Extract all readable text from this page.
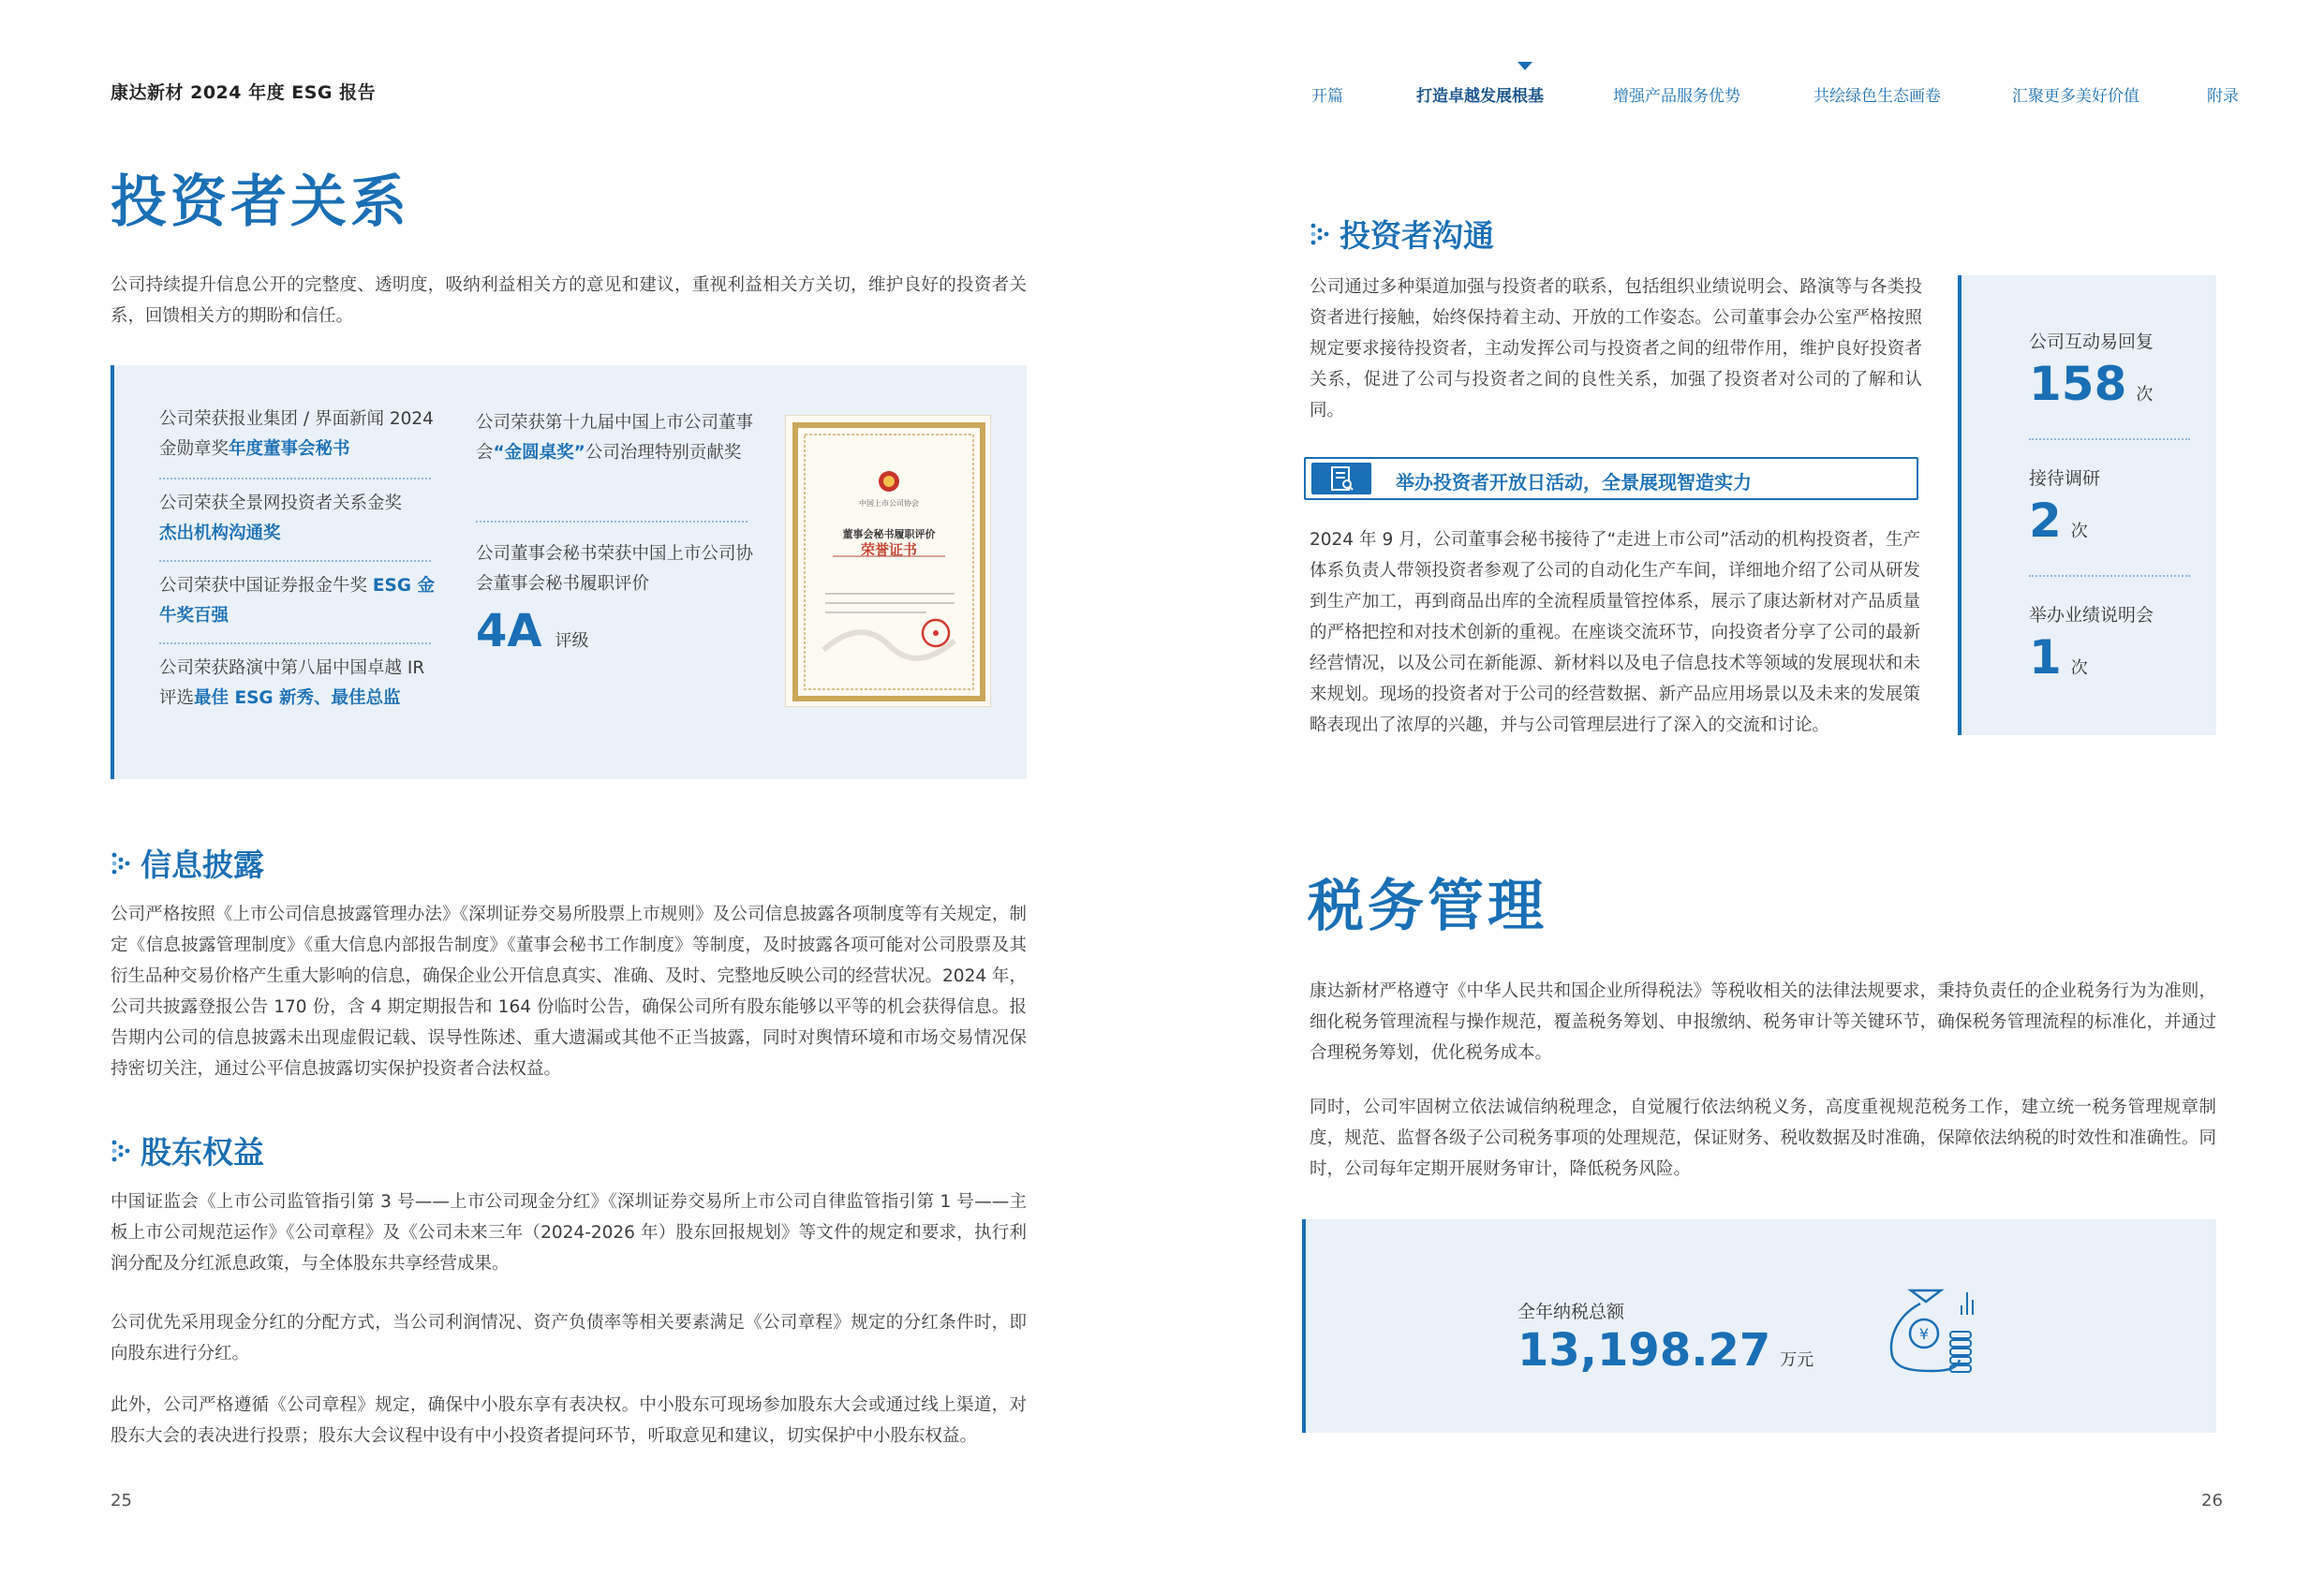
康达新材 2024 年度 ESG 报告	开篇	打造卓越发展根基	增强产品服务优势	共绘绿色生态画卷	汇聚更多美好价值	附录
投资者关系
公司持续提升信息公开的完整度、透明度，吸纳利益相关方的意见和建议，重视利益相关方关切，维护良好的投资者关系，回馈相关方的期盼和信任。
公司荣获报业集团 / 界面新闻 2024 金勋章奖年度董事会秘书
公司荣获全景网投资者关系金奖
杰出机构沟通奖
公司荣获中国证券报金牛奖 ESG 金牛奖百强
公司荣获路演中第八届中国卓越 IR 评选最佳 ESG 新秀、最佳总监
公司荣获第十九届中国上市公司董事会“金圆桌奖”公司治理特别贡献奖
公司董事会秘书荣获中国上市公司协会董事会秘书履职评价
4A 评级
中国上市公司协会
董事会秘书履职评价
荣誉证书
信息披露
公司严格按照《上市公司信息披露管理办法》《深圳证券交易所股票上市规则》及公司信息披露各项制度等有关规定，制定《信息披露管理制度》《重大信息内部报告制度》《董事会秘书工作制度》等制度，及时披露各项可能对公司股票及其衍生品种交易价格产生重大影响的信息，确保企业公开信息真实、准确、及时、完整地反映公司的经营状况。2024 年，公司共披露登报公告 170 份，含 4 期定期报告和 164 份临时公告，确保公司所有股东能够以平等的机会获得信息。报告期内公司的信息披露未出现虚假记载、误导性陈述、重大遗漏或其他不正当披露，同时对舆情环境和市场交易情况保持密切关注，通过公平信息披露切实保护投资者合法权益。
股东权益
中国证监会《上市公司监管指引第 3 号——上市公司现金分红》《深圳证券交易所上市公司自律监管指引第 1 号——主板上市公司规范运作》《公司章程》及《公司未来三年（2024-2026 年）股东回报规划》等文件的规定和要求，执行利润分配及分红派息政策，与全体股东共享经营成果。
公司优先采用现金分红的分配方式，当公司利润情况、资产负债率等相关要素满足《公司章程》规定的分红条件时，即向股东进行分红。
此外，公司严格遵循《公司章程》规定，确保中小股东享有表决权。中小股东可现场参加股东大会或通过线上渠道，对股东大会的表决进行投票；股东大会议程中设有中小投资者提问环节，听取意见和建议，切实保护中小股东权益。
25
投资者沟通
公司通过多种渠道加强与投资者的联系，包括组织业绩说明会、路演等与各类投资者进行接触，始终保持着主动、开放的工作姿态。公司董事会办公室严格按照规定要求接待投资者，主动发挥公司与投资者之间的纽带作用，维护良好投资者关系，促进了公司与投资者之间的良性关系，加强了投资者对公司的了解和认同。
公司互动易回复
158 次
接待调研
2 次
举办业绩说明会
1 次
举办投资者开放日活动，全景展现智造实力
2024 年 9 月，公司董事会秘书接待了“走进上市公司”活动的机构投资者，生产体系负责人带领投资者参观了公司的自动化生产车间，详细地介绍了公司从研发到生产加工，再到商品出库的全流程质量管控体系，展示了康达新材对产品质量的严格把控和对技术创新的重视。在座谈交流环节，向投资者分享了公司的最新经营情况，以及公司在新能源、新材料以及电子信息技术等领域的发展现状和未来规划。现场的投资者对于公司的经营数据、新产品应用场景以及未来的发展策略表现出了浓厚的兴趣，并与公司管理层进行了深入的交流和讨论。
税务管理
康达新材严格遵守《中华人民共和国企业所得税法》等税收相关的法律法规要求，秉持负责任的企业税务行为为准则，细化税务管理流程与操作规范，覆盖税务筹划、申报缴纳、税务审计等关键环节，确保税务管理流程的标准化，并通过合理税务筹划，优化税务成本。
同时，公司牢固树立依法诚信纳税理念，自觉履行依法纳税义务，高度重视规范税务工作，建立统一税务管理规章制度，规范、监督各级子公司税务事项的处理规范，保证财务、税收数据及时准确，保障依法纳税的时效性和准确性。同时，公司每年定期开展财务审计，降低税务风险。
全年纳税总额
13,198.27 万元
¥
26
